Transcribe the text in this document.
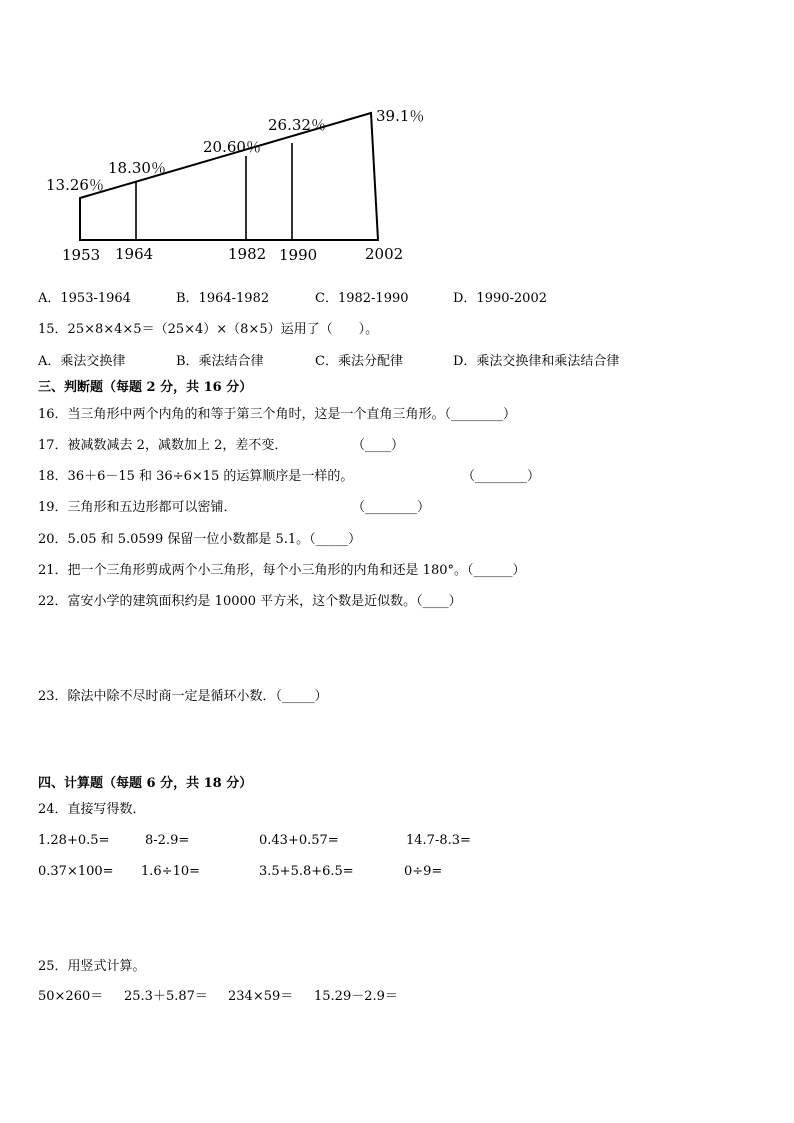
13.26％
18.30％
20.60％
26.32％	39.1％
1953 1964	1982 1990	2002
A．1953-1964	B．1964-1982	C．1982-1990	D．1990-2002
15．25×8×4×5＝（25×4）×（8×5）运用了（　　）。
A．乘法交换律	B．乘法结合律	C．乘法分配律	D．乘法交换律和乘法结合律
三、判断题（每题 2 分，共 16 分）
16．当三角形中两个内角的和等于第三个角时，这是一个直角三角形。（________）
17．被减数减去 2，减数加上 2，差不变．	（____）
18．36＋6－15 和 36÷6×15 的运算顺序是一样的。	（________）
19．三角形和五边形都可以密铺．	（________）
20．5.05 和 5.0599 保留一位小数都是 5.1。（_____）
21．把一个三角形剪成两个小三角形，每个小三角形的内角和还是 180°。（______）
22．富安小学的建筑面积约是 10000 平方米，这个数是近似数。（____）
23．除法中除不尽时商一定是循环小数．（_____）
四、计算题（每题 6 分，共 18 分）
24．直接写得数．
1.28+0.5=	8-2.9=	0.43+0.57=	14.7-8.3=
0.37×100= 1.6÷10=	3.5+5.8+6.5=	0÷9=
25．用竖式计算。
50×260＝ 25.3＋5.87＝ 234×59＝ 15.29－2.9＝
